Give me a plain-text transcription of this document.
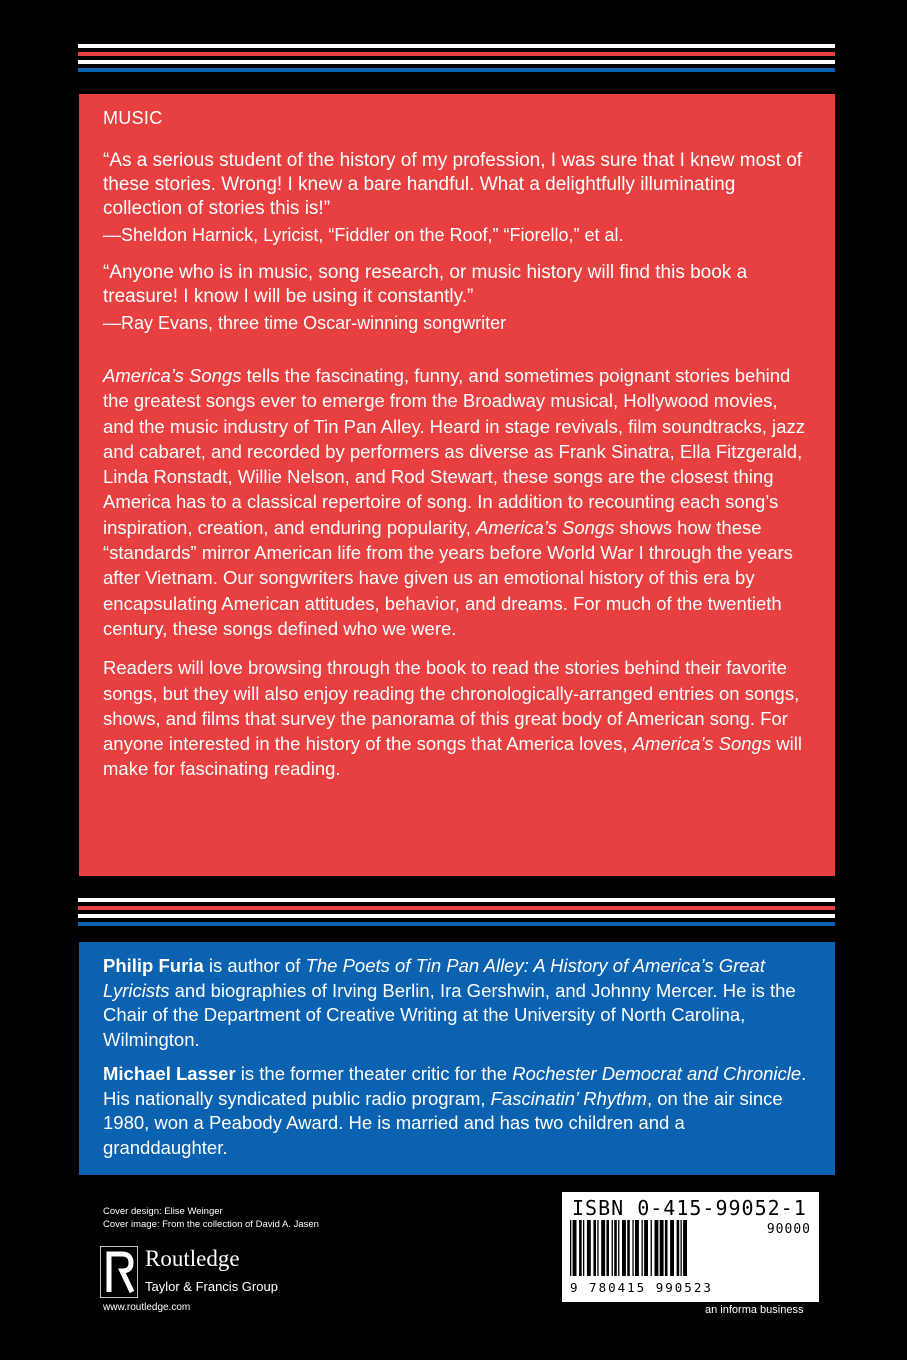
MUSIC

“As a serious student of the history of my profession, I was sure that I knew most of these stories. Wrong! I knew a bare handful. What a delightfully illuminating collection of stories this is!”

—Sheldon Harnick, Lyricist, “Fiddler on the Roof,” “Fiorello,” et al.

“Anyone who is in music, song research, or music history will find this book a treasure! I know I will be using it constantly.”

—Ray Evans, three time Oscar-winning songwriter

America’s Songs tells the fascinating, funny, and sometimes poignant stories behind the greatest songs ever to emerge from the Broadway musical, Hollywood movies, and the music industry of Tin Pan Alley. Heard in stage revivals, film soundtracks, jazz and cabaret, and recorded by performers as diverse as Frank Sinatra, Ella Fitzgerald, Linda Ronstadt, Willie Nelson, and Rod Stewart, these songs are the closest thing America has to a classical repertoire of song. In addition to recounting each song’s inspiration, creation, and enduring popularity, America’s Songs shows how these “standards” mirror American life from the years before World War I through the years after Vietnam. Our songwriters have given us an emotional history of this era by encapsulating American attitudes, behavior, and dreams. For much of the twentieth century, these songs defined who we were.

Readers will love browsing through the book to read the stories behind their favorite songs, but they will also enjoy reading the chronologically-arranged entries on songs, shows, and films that survey the panorama of this great body of American song. For anyone interested in the history of the songs that America loves, America’s Songs will make for fascinating reading.

Philip Furia is author of The Poets of Tin Pan Alley: A History of America’s Great Lyricists and biographies of Irving Berlin, Ira Gershwin, and Johnny Mercer. He is the Chair of the Department of Creative Writing at the University of North Carolina, Wilmington.

Michael Lasser is the former theater critic for the Rochester Democrat and Chronicle. His nationally syndicated public radio program, Fascinatin’ Rhythm, on the air since 1980, won a Peabody Award. He is married and has two children and a granddaughter.

Cover design: Elise Weinger
Cover image: From the collection of David A. Jasen
Routledge
Taylor & Francis Group
www.routledge.com
ISBN 0-415-99052-1
90000
9 780415 990523
an informa business
